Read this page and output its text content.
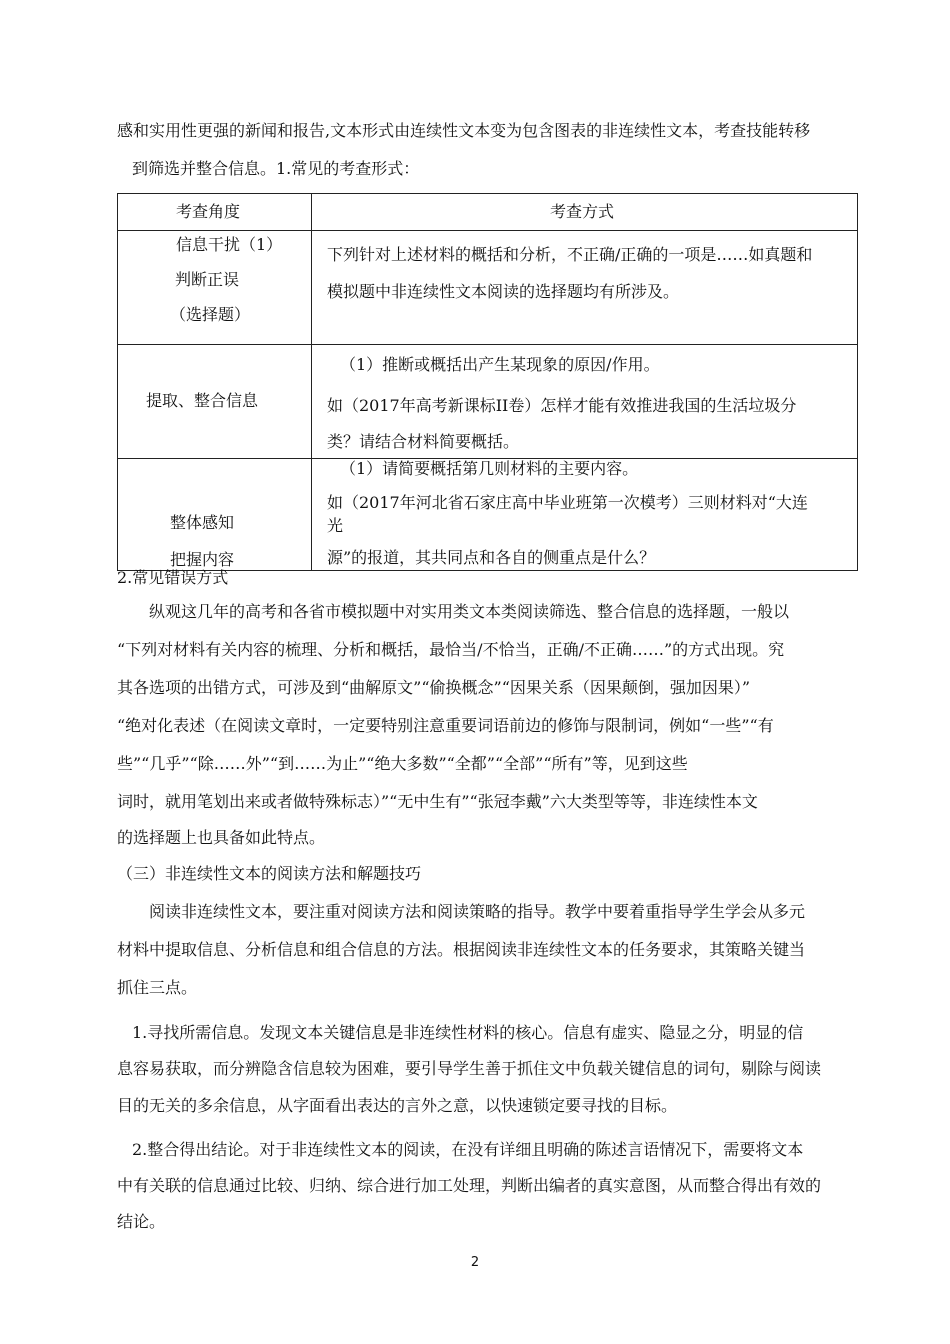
感和实用性更强的新闻和报告,文本形式由连续性文本变为包含图表的非连续性文本，考查技能转移
到筛选并整合信息。1.常见的考查形式：
考查角度	考查方式

信息干扰（1）
判断正误
（选择题）	下列针对上述材料的概括和分析，不正确/正确的一项是……如真题和
模拟题中非连续性文本阅读的选择题均有所涉及。

提取、整合信息	（1）推断或概括出产生某现象的原因/作用。
如（2017年高考新课标II卷）怎样才能有效推进我国的生活垃圾分
类？请结合材料简要概括。

整体感知
把握内容	（1）请简要概括第几则材料的主要内容。
如（2017年河北省石家庄高中毕业班第一次模考）三则材料对“大连
光
源”的报道，其共同点和各自的侧重点是什么？
2.常见错误方式
纵观这几年的高考和各省市模拟题中对实用类文本类阅读筛选、整合信息的选择题，一般以
“下列对材料有关内容的梳理、分析和概括，最恰当/不恰当，正确/不正确……”的方式出现。究
其各选项的出错方式，可涉及到“曲解原文”“偷换概念”“因果关系（因果颠倒，强加因果）”
“绝对化表述（在阅读文章时，一定要特别注意重要词语前边的修饰与限制词，例如“一些”“有
些”“几乎”“除……外”“到……为止”“绝大多数”“全都”“全部”“所有”等，见到这些
词时，就用笔划出来或者做特殊标志）”“无中生有”“张冠李戴”六大类型等等，非连续性本文
的选择题上也具备如此特点。
（三）非连续性文本的阅读方法和解题技巧
阅读非连续性文本，要注重对阅读方法和阅读策略的指导。教学中要着重指导学生学会从多元
材料中提取信息、分析信息和组合信息的方法。根据阅读非连续性文本的任务要求，其策略关键当
抓住三点。
1.寻找所需信息。发现文本关键信息是非连续性材料的核心。信息有虚实、隐显之分，明显的信
息容易获取，而分辨隐含信息较为困难，要引导学生善于抓住文中负载关键信息的词句，剔除与阅读
目的无关的多余信息，从字面看出表达的言外之意，以快速锁定要寻找的目标。
2.整合得出结论。对于非连续性文本的阅读，在没有详细且明确的陈述言语情况下，需要将文本
中有关联的信息通过比较、归纳、综合进行加工处理，判断出编者的真实意图，从而整合得出有效的
结论。
2
